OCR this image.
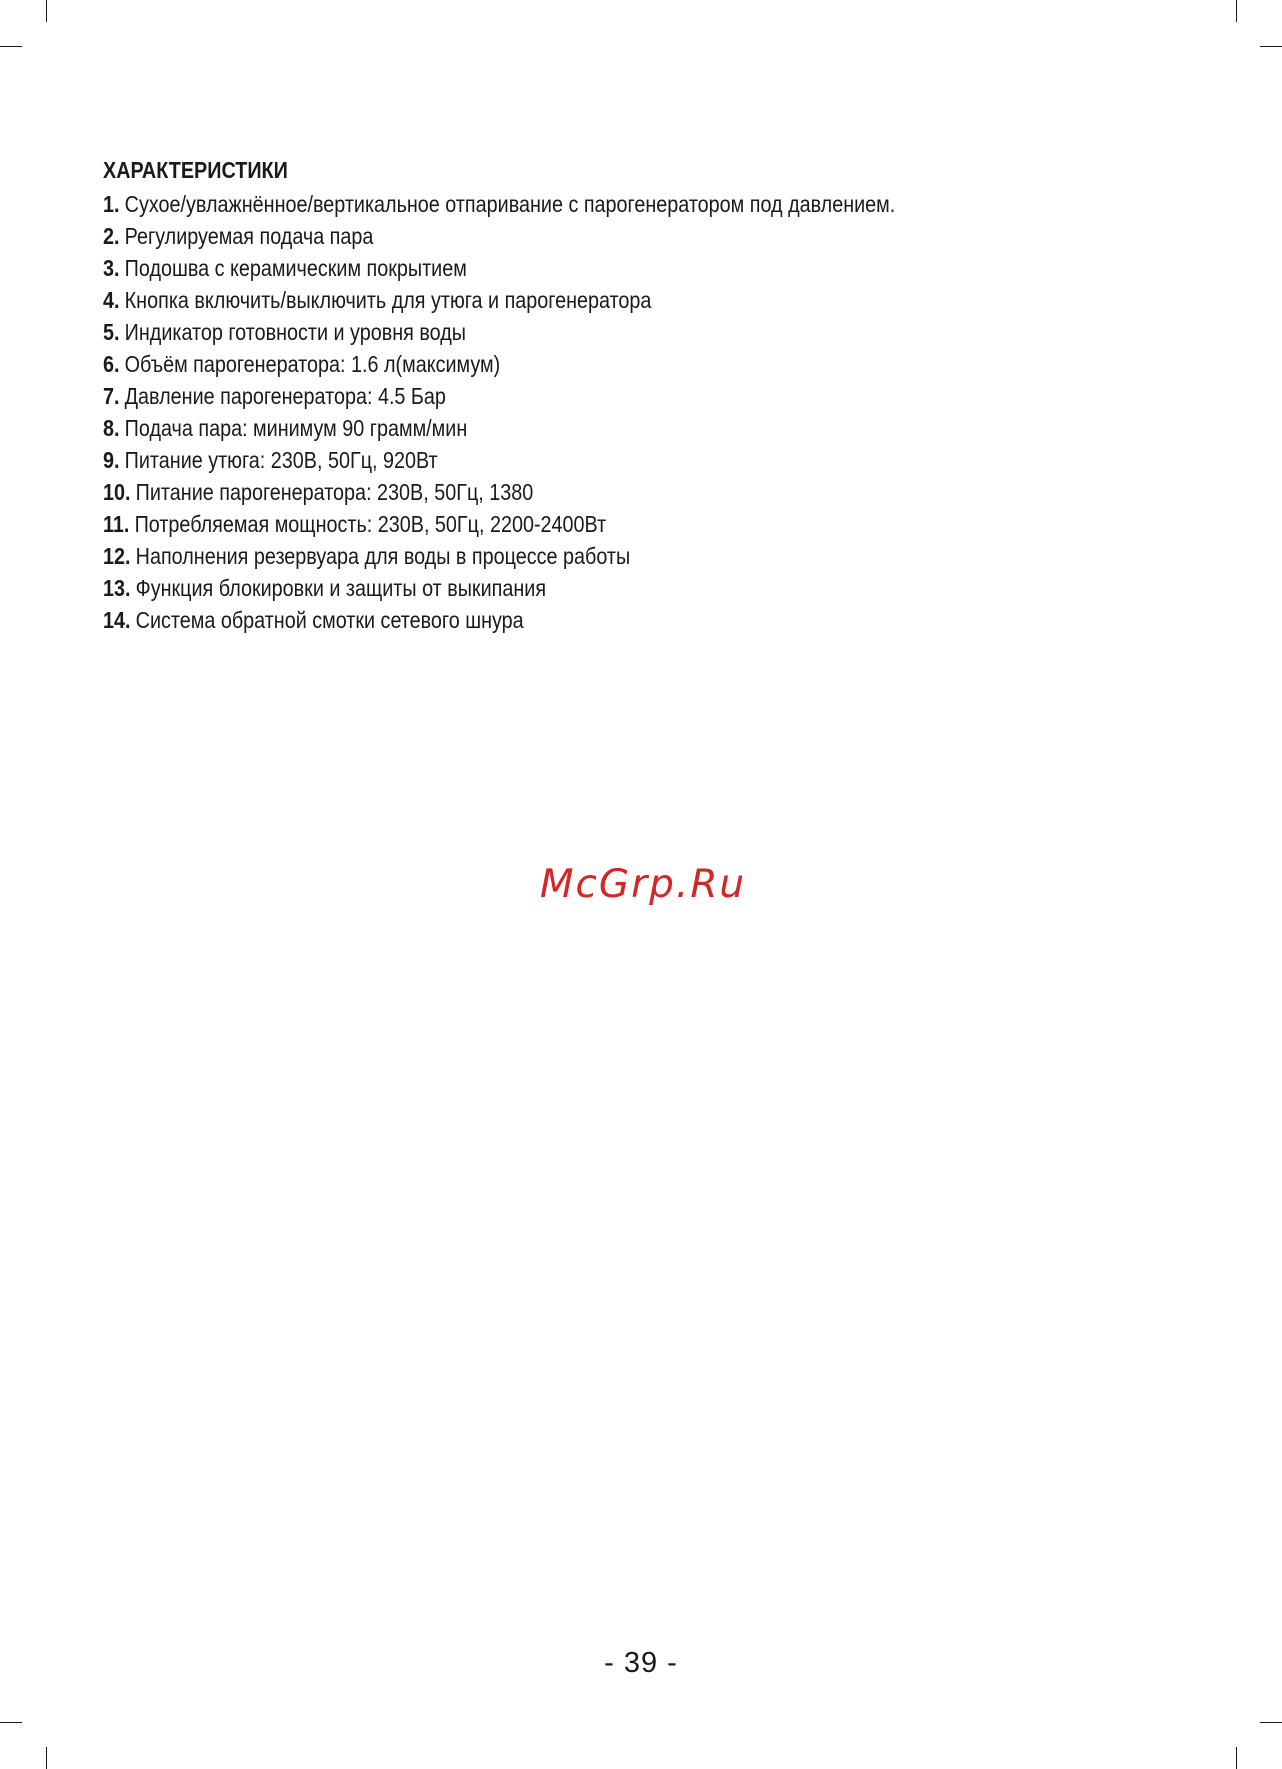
ХАРАКТЕРИСТИКИ
1. Сухое/увлажнённое/вертикальное отпаривание с парогенератором под давлением.
2. Регулируемая подача пара
3. Подошва с керамическим покрытием
4. Кнопка включить/выключить для утюга и парогенератора
5. Индикатор готовности и уровня воды
6. Объём парогенератора: 1.6 л(максимум)
7. Давление парогенератора: 4.5 Бар
8. Подача пара: минимум 90 грамм/мин
9. Питание утюга: 230В, 50Гц, 920Вт
10. Питание парогенератора: 230В, 50Гц, 1380
11. Потребляемая мощность: 230В, 50Гц, 2200-2400Вт
12. Наполнения резервуара для воды в процессе работы
13. Функция блокировки и защиты от выкипания
14. Система обратной смотки сетевого шнура
McGrp.Ru
- 39 -
